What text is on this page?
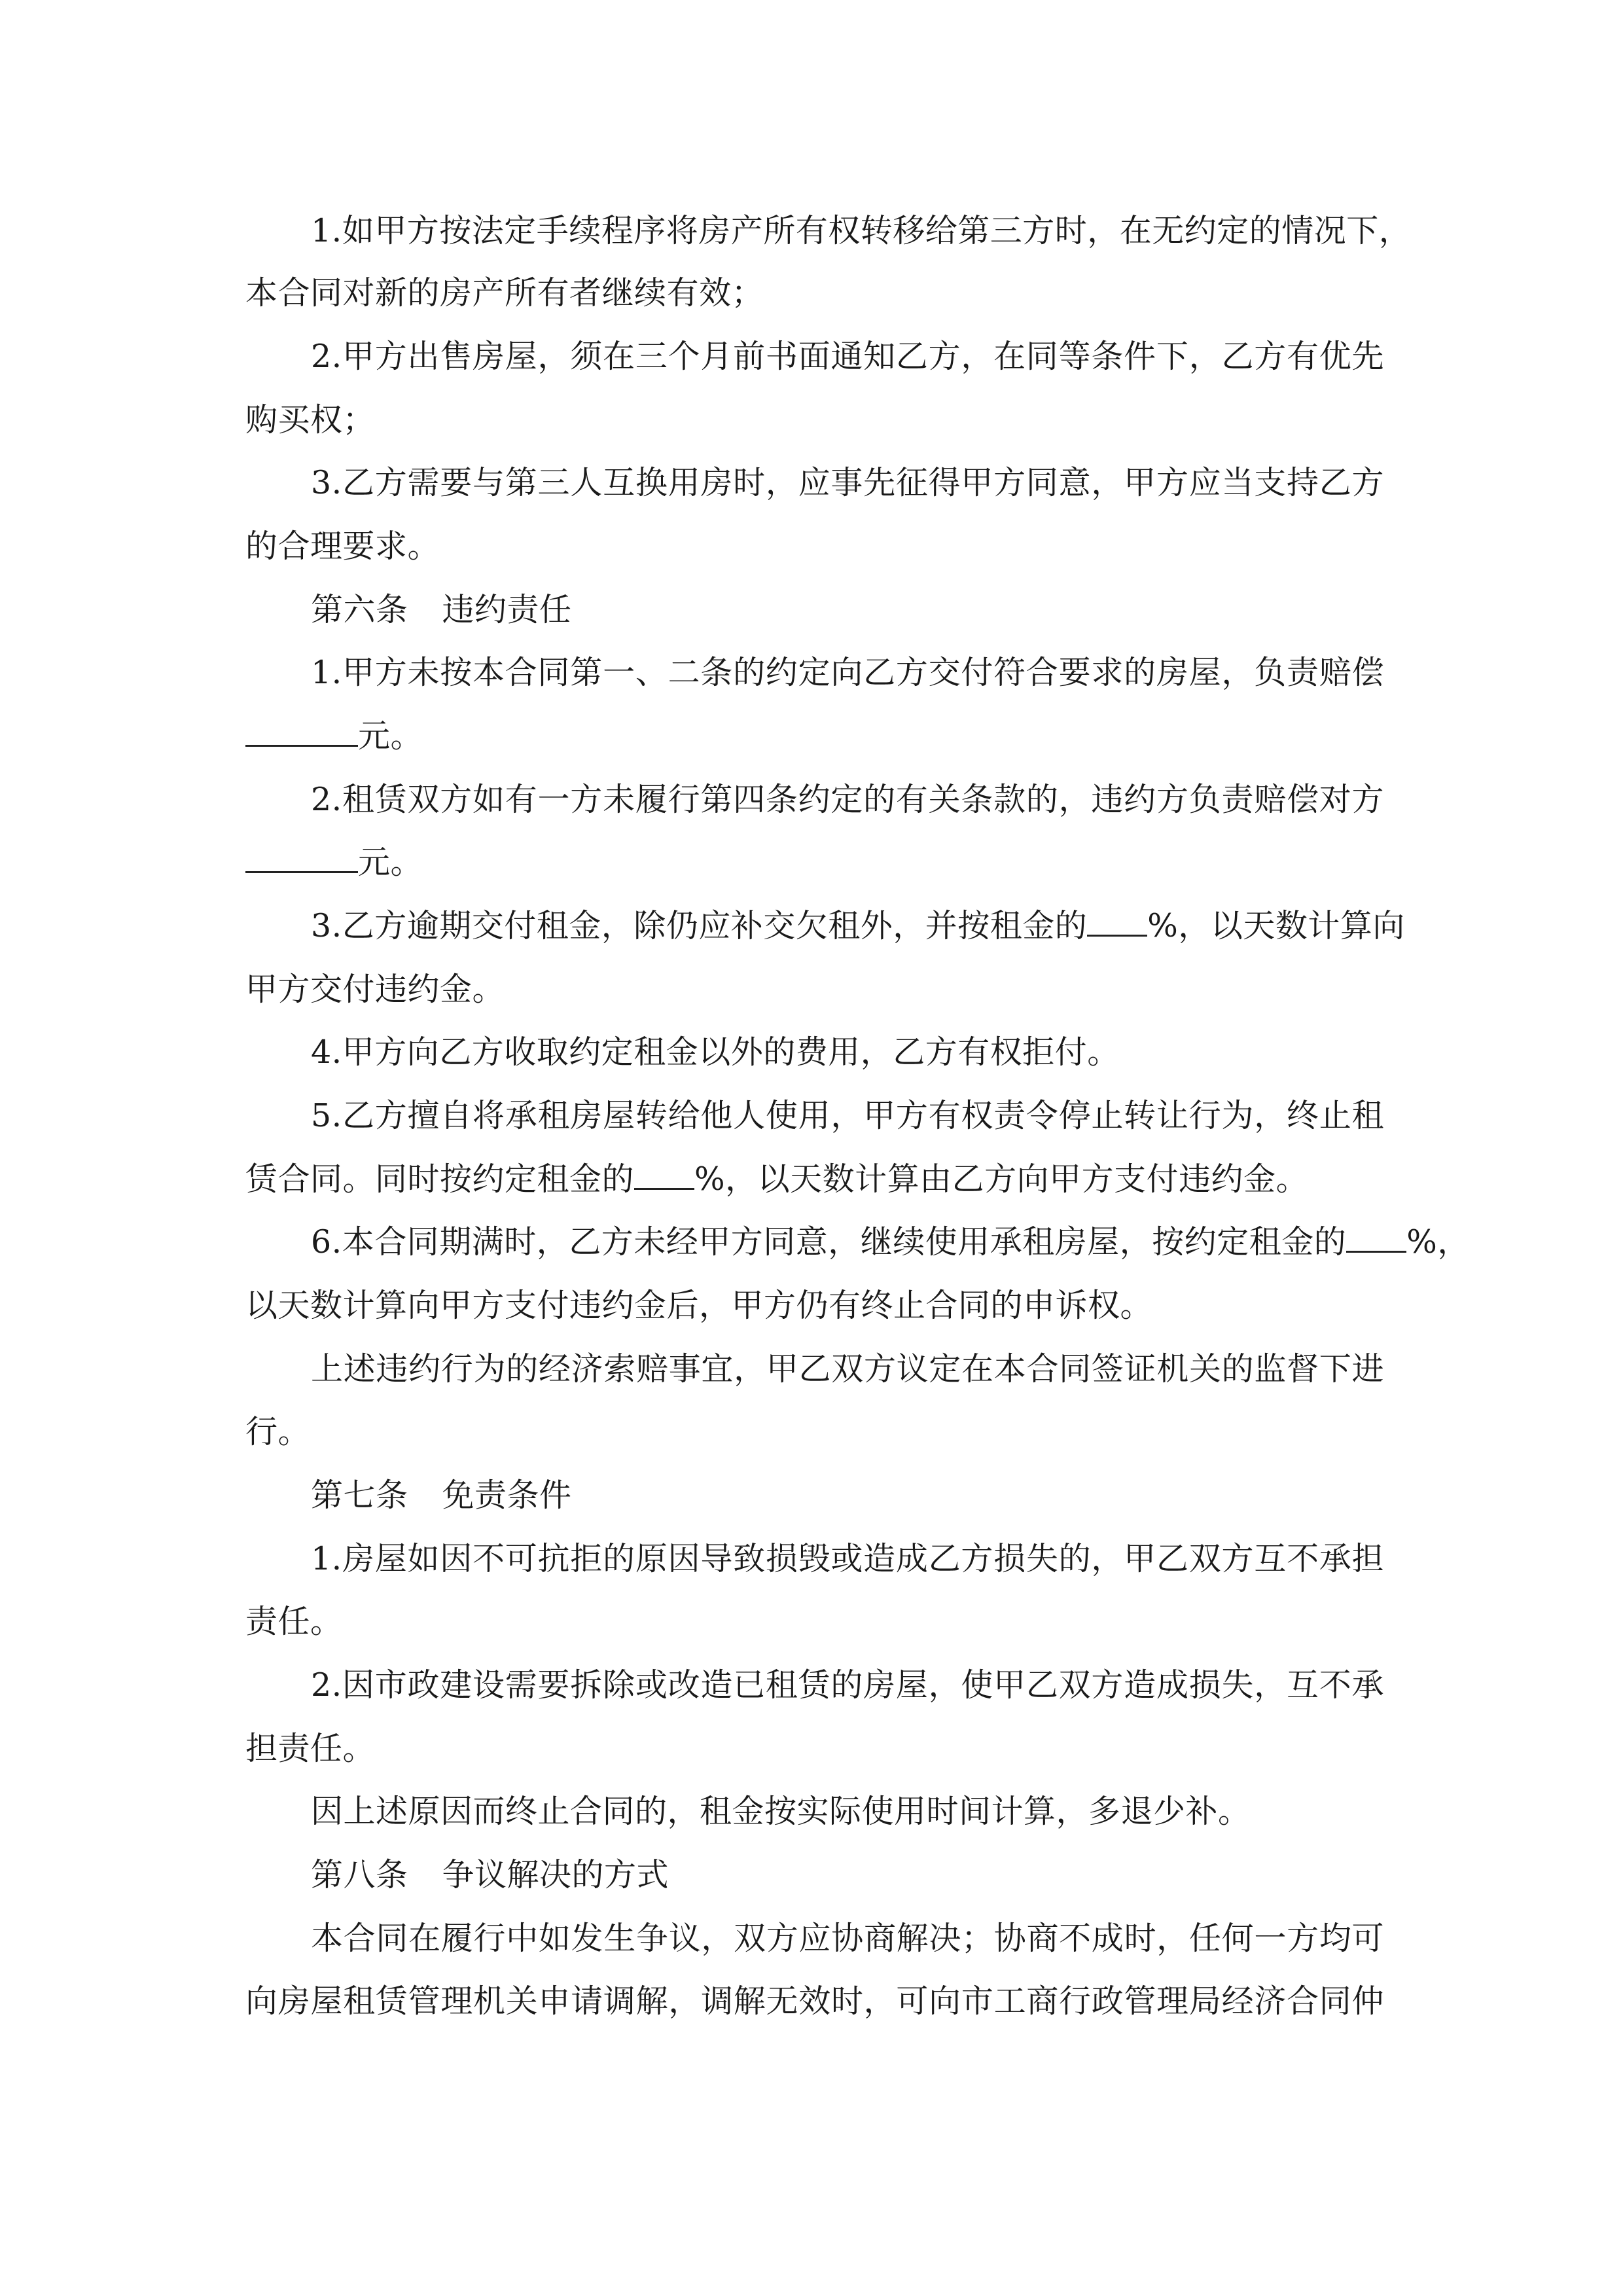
1.如甲方按法定手续程序将房产所有权转移给第三方时，在无约定的情况下，
本合同对新的房产所有者继续有效；
2.甲方出售房屋，须在三个月前书面通知乙方，在同等条件下，乙方有优先
购买权；
3.乙方需要与第三人互换用房时，应事先征得甲方同意，甲方应当支持乙方
的合理要求。
第六条 违约责任
1.甲方未按本合同第一、二条的约定向乙方交付符合要求的房屋，负责赔偿
元。
2.租赁双方如有一方未履行第四条约定的有关条款的，违约方负责赔偿对方
元。
3.乙方逾期交付租金，除仍应补交欠租外，并按租金的 %，以天数计算向
甲方交付违约金。
4.甲方向乙方收取约定租金以外的费用，乙方有权拒付。
5.乙方擅自将承租房屋转给他人使用，甲方有权责令停止转让行为，终止租
赁合同。同时按约定租金的 %，以天数计算由乙方向甲方支付违约金。
6.本合同期满时，乙方未经甲方同意，继续使用承租房屋，按约定租金的 %，
以天数计算向甲方支付违约金后，甲方仍有终止合同的申诉权。
上述违约行为的经济索赔事宜，甲乙双方议定在本合同签证机关的监督下进
行。
第七条 免责条件
1.房屋如因不可抗拒的原因导致损毁或造成乙方损失的，甲乙双方互不承担
责任。
2.因市政建设需要拆除或改造已租赁的房屋，使甲乙双方造成损失，互不承
担责任。
因上述原因而终止合同的，租金按实际使用时间计算，多退少补。
第八条 争议解决的方式
本合同在履行中如发生争议，双方应协商解决；协商不成时，任何一方均可
向房屋租赁管理机关申请调解，调解无效时，可向市工商行政管理局经济合同仲
